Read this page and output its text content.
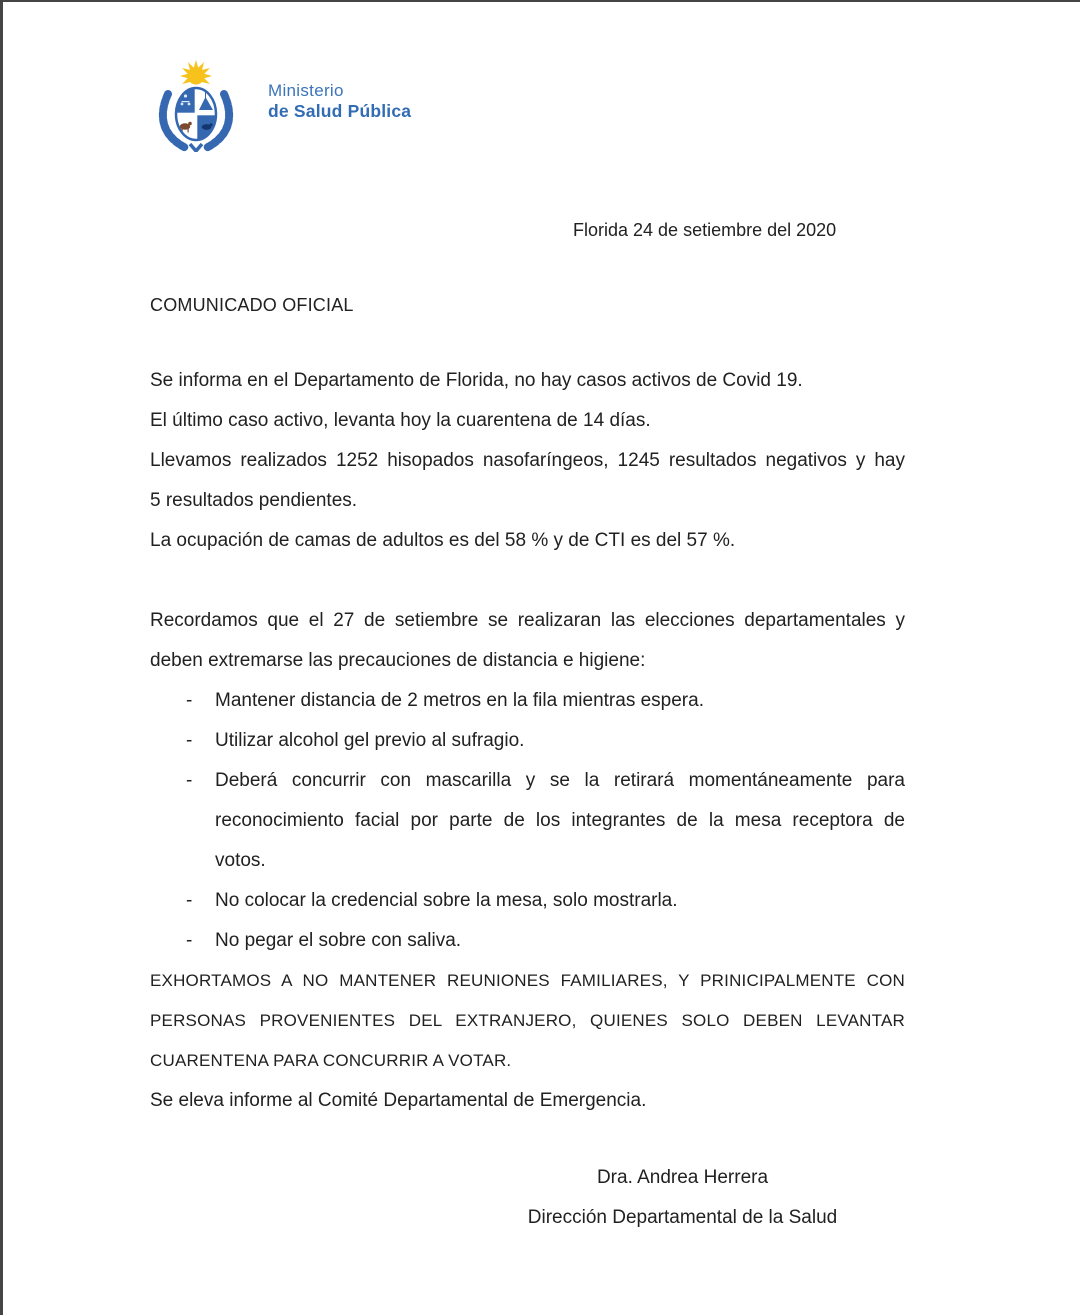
Ministerio
de Salud Pública
Florida 24 de setiembre del 2020
COMUNICADO OFICIAL
Se informa en el Departamento de Florida, no hay casos activos de Covid 19.
El último caso activo, levanta hoy la cuarentena de 14 días.
Llevamos realizados 1252 hisopados nasofaríngeos, 1245 resultados negativos y hay
5 resultados pendientes.
La ocupación de camas de adultos es del 58 % y de CTI es del 57 %.
Recordamos que el 27 de setiembre se realizaran las elecciones departamentales y
deben extremarse las precauciones de distancia e higiene:
- Mantener distancia de 2 metros en la fila mientras espera.
- Utilizar alcohol gel previo al sufragio.
- Deberá concurrir con mascarilla y se la retirará momentáneamente para
reconocimiento facial por parte de los integrantes de la mesa receptora de
votos.
- No colocar la credencial sobre la mesa, solo mostrarla.
- No pegar el sobre con saliva.
EXHORTAMOS A NO MANTENER REUNIONES FAMILIARES, Y PRINICIPALMENTE CON
PERSONAS PROVENIENTES DEL EXTRANJERO, QUIENES SOLO DEBEN LEVANTAR
CUARENTENA PARA CONCURRIR A VOTAR.
Se eleva informe al Comité Departamental de Emergencia.
Dra. Andrea Herrera
Dirección Departamental de la Salud
